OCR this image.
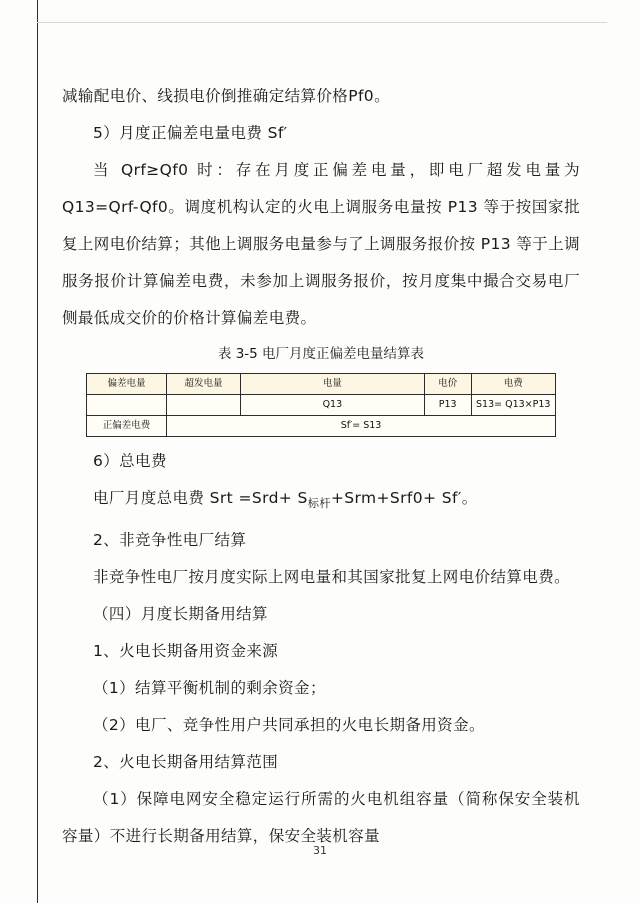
减输配电价、线损电价倒推确定结算价格Pf0。

5）月度正偏差电量电费 Sf′

当 Qrf≥Qf0 时：存在月度正偏差电量，即电厂超发电量为 Q13=Qrf-Qf0。调度机构认定的火电上调服务电量按 P13 等于按国家批复上网电价结算；其他上调服务电量参与了上调服务报价按 P13 等于上调服务报价计算偏差电费，未参加上调服务报价，按月度集中撮合交易电厂侧最低成交价的价格计算偏差电费。

表 3-5 电厂月度正偏差电量结算表
偏差电量	超发电量	电量	电价	电费
		Q13	P13	S13= Q13×P13
正偏差电费	Sf′= S13			

6）总电费

电厂月度总电费 Srt $=Srd+ S_{标杆}+Srm+Srf0+ Sf'$。

2、非竞争性电厂结算

非竞争性电厂按月度实际上网电量和其国家批复上网电价结算电费。

（四）月度长期备用结算

1、火电长期备用资金来源

（1）结算平衡机制的剩余资金；

（2）电厂、竞争性用户共同承担的火电长期备用资金。

2、火电长期备用结算范围

（1）保障电网安全稳定运行所需的火电机组容量（简称保安全装机容量）不进行长期备用结算，保安全装机容量

31
